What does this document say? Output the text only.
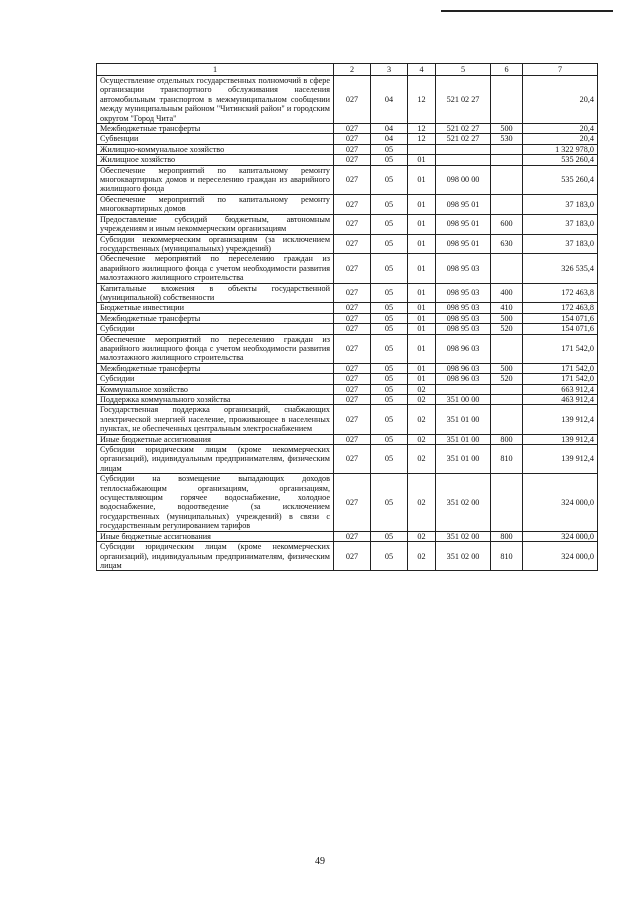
1	2	3	4	5	6	7
Осуществление отдельных государственных полномочий в сфере организации транспортного обслуживания населения автомобильным транспортом в межмуниципальном сообщении между муниципальным районом "Читинский район" и городским округом "Город Чита"	027	04	12	521 02 27		20,4
Межбюджетные трансферты	027	04	12	521 02 27	500	20,4
Субвенции	027	04	12	521 02 27	530	20,4
Жилищно-коммунальное хозяйство	027	05				1 322 978,0
Жилищное хозяйство	027	05	01			535 260,4
Обеспечение мероприятий по капитальному ремонту многоквартирных домов и переселению граждан из аварийного жилищного фонда	027	05	01	098 00 00		535 260,4
Обеспечение мероприятий по капитальному ремонту многоквартирных домов	027	05	01	098 95 01		37 183,0
Предоставление субсидий бюджетным, автономным учреждениям и иным некоммерческим организациям	027	05	01	098 95 01	600	37 183,0
Субсидии некоммерческим организациям (за исключением государственных (муниципальных) учреждений)	027	05	01	098 95 01	630	37 183,0
Обеспечение мероприятий по переселению граждан из аварийного жилищного фонда с учетом необходимости развития малоэтажного жилищного строительства	027	05	01	098 95 03		326 535,4
Капитальные вложения в объекты государственной (муниципальной) собственности	027	05	01	098 95 03	400	172 463,8
Бюджетные инвестиции	027	05	01	098 95 03	410	172 463,8
Межбюджетные трансферты	027	05	01	098 95 03	500	154 071,6
Субсидии	027	05	01	098 95 03	520	154 071,6
Обеспечение мероприятий по переселению граждан из аварийного жилищного фонда с учетом необходимости развития малоэтажного жилищного строительства	027	05	01	098 96 03		171 542,0
Межбюджетные трансферты	027	05	01	098 96 03	500	171 542,0
Субсидии	027	05	01	098 96 03	520	171 542,0
Коммунальное хозяйство	027	05	02			663 912,4
Поддержка коммунального хозяйства	027	05	02	351 00 00		463 912,4
Государственная поддержка организаций, снабжающих электрической энергией население, проживающее в населенных пунктах, не обеспеченных центральным электроснабжением	027	05	02	351 01 00		139 912,4
Иные бюджетные ассигнования	027	05	02	351 01 00	800	139 912,4
Субсидии юридическим лицам (кроме некоммерческих организаций), индивидуальным предпринимателям, физическим лицам	027	05	02	351 01 00	810	139 912,4
Субсидии на возмещение выпадающих доходов теплоснабжающим организациям, организациям, осуществляющим горячее водоснабжение, холодное водоснабжение, водоотведение (за исключением государственных (муниципальных) учреждений) в связи с государственным регулированием тарифов	027	05	02	351 02 00		324 000,0
Иные бюджетные ассигнования	027	05	02	351 02 00	800	324 000,0
Субсидии юридическим лицам (кроме некоммерческих организаций), индивидуальным предпринимателям, физическим лицам	027	05	02	351 02 00	810	324 000,0
49
